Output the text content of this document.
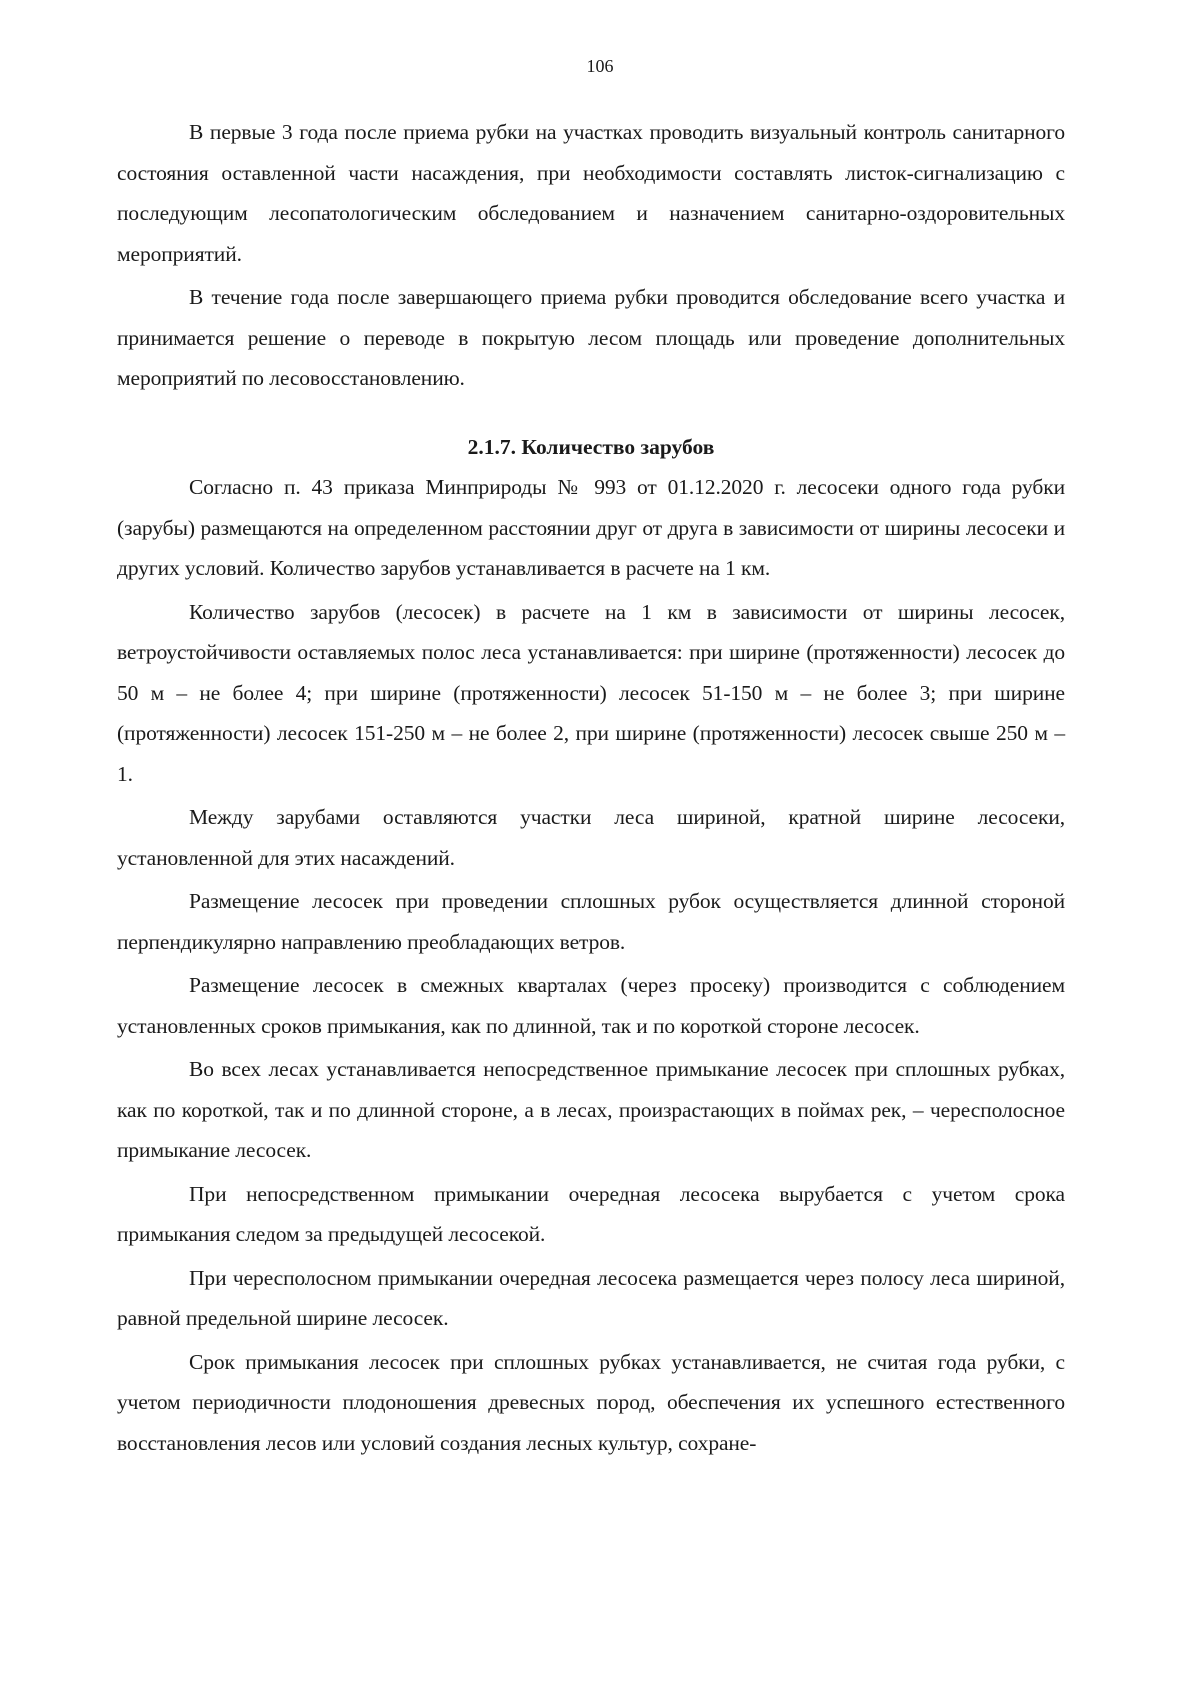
106

В первые 3 года после приема рубки на участках проводить визуальный контроль санитарного состояния оставленной части насаждения, при необходимости составлять листок-сигнализацию с последующим лесопатологическим обследованием и назначением санитарно-оздоровительных мероприятий.

В течение года после завершающего приема рубки проводится обследование всего участка и принимается решение о переводе в покрытую лесом площадь или проведение дополнительных мероприятий по лесовосстановлению.

2.1.7. Количество зарубов

Согласно п. 43 приказа Минприроды № 993 от 01.12.2020 г. лесосеки одного года рубки (зарубы) размещаются на определенном расстоянии друг от друга в зависимости от ширины лесосеки и других условий. Количество зарубов устанавливается в расчете на 1 км.

Количество зарубов (лесосек) в расчете на 1 км в зависимости от ширины лесосек, ветроустойчивости оставляемых полос леса устанавливается: при ширине (протяженности) лесосек до 50 м – не более 4; при ширине (протяженности) лесосек 51-150 м – не более 3; при ширине (протяженности) лесосек 151-250 м – не более 2, при ширине (протяженности) лесосек свыше 250 м – 1.

Между зарубами оставляются участки леса шириной, кратной ширине лесосеки, установленной для этих насаждений.

Размещение лесосек при проведении сплошных рубок осуществляется длинной стороной перпендикулярно направлению преобладающих ветров.

Размещение лесосек в смежных кварталах (через просеку) производится с соблюдением установленных сроков примыкания, как по длинной, так и по короткой стороне лесосек.

Во всех лесах устанавливается непосредственное примыкание лесосек при сплошных рубках, как по короткой, так и по длинной стороне, а в лесах, произрастающих в поймах рек, – чересполосное примыкание лесосек.

При непосредственном примыкании очередная лесосека вырубается с учетом срока примыкания следом за предыдущей лесосекой.

При чересполосном примыкании очередная лесосека размещается через полосу леса шириной, равной предельной ширине лесосек.

Срок примыкания лесосек при сплошных рубках устанавливается, не считая года рубки, с учетом периодичности плодоношения древесных пород, обеспечения их успешного естественного восстановления лесов или условий создания лесных культур, сохране-
